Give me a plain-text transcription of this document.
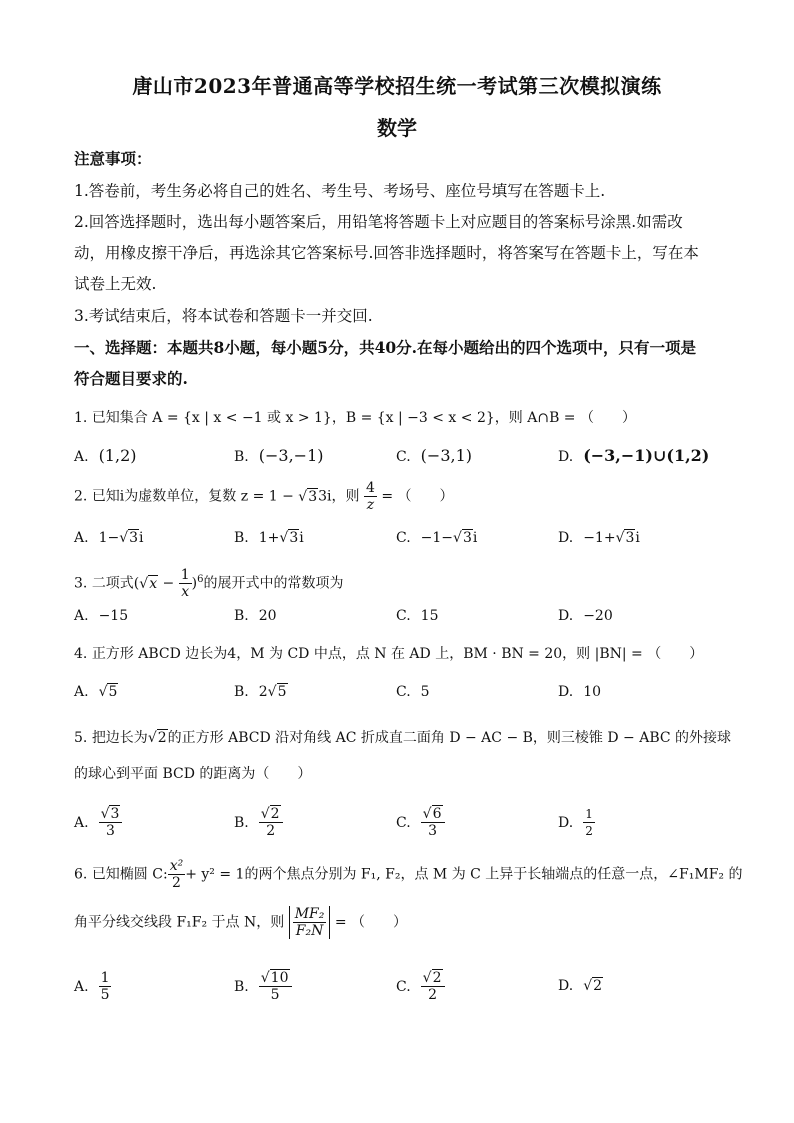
唐山市2023年普通高等学校招生统一考试第三次模拟演练
数学
注意事项：
1.答卷前，考生务必将自己的姓名、考生号、考场号、座位号填写在答题卡上.
2.回答选择题时，选出每小题答案后，用铅笔将答题卡上对应题目的答案标号涂黑.如需改
动，用橡皮擦干净后，再选涂其它答案标号.回答非选择题时，将答案写在答题卡上，写在本
试卷上无效.
3.考试结束后，将本试卷和答题卡一并交回.
一、选择题：本题共8小题，每小题5分，共40分.在每小题给出的四个选项中，只有一项是
符合题目要求的.
1. 已知集合 A = {x | x < −1 或 x > 1}，B = {x | −3 < x < 2}，则 A∩B = （　　）
A. (1,2)	B. (−3,−1)	C. (−3,1)	D. (−3,−1)∪(1,2)
2. 已知i为虚数单位，复数 z = 1 − √33i，则 $\frac{4}{z}$ = （　　）
A. 1−√3i	B. 1+√3i	C. −1−√3i	D. −1+√3i
3. 二项式$(√x - \frac{1}{x} )^6$的展开式中的常数项为
A. −15	B. 20	C. 15	D. −20
4. 正方形 ABCD 边长为4，M 为 CD 中点，点 N 在 AD 上，BM · BN = 20，则 |BN| = （　　）
A. √5	B. 2√5	C. 5	D. 10
5. 把边长为√2的正方形 ABCD 沿对角线 AC 折成直二面角 D − AC − B，则三棱锥 D − ABC 的外接球
的球心到平面 BCD 的距离为（　　）
A. $\frac{√3}{3}$	B. $\frac{√2}{2}$	C. $\frac{√6}{3}$	D. $\frac{1}{2}$
6. 已知椭圆 C: $\frac{\text{x²}}{2} + y^2 = 1$的两个焦点分别为 F₁, F₂，点 M 为 C 上异于长轴端点的任意一点，∠F₁MF₂ 的
角平分线交线段 F₁F₂ 于点 N，则 $\frac{\text{MF₂}}{\text{F₂N}}$ = （　　）
A. $\frac{1}{5}$	B. $\frac{√10}{5}$	C. $\frac{√2}{2}$	D. √2
